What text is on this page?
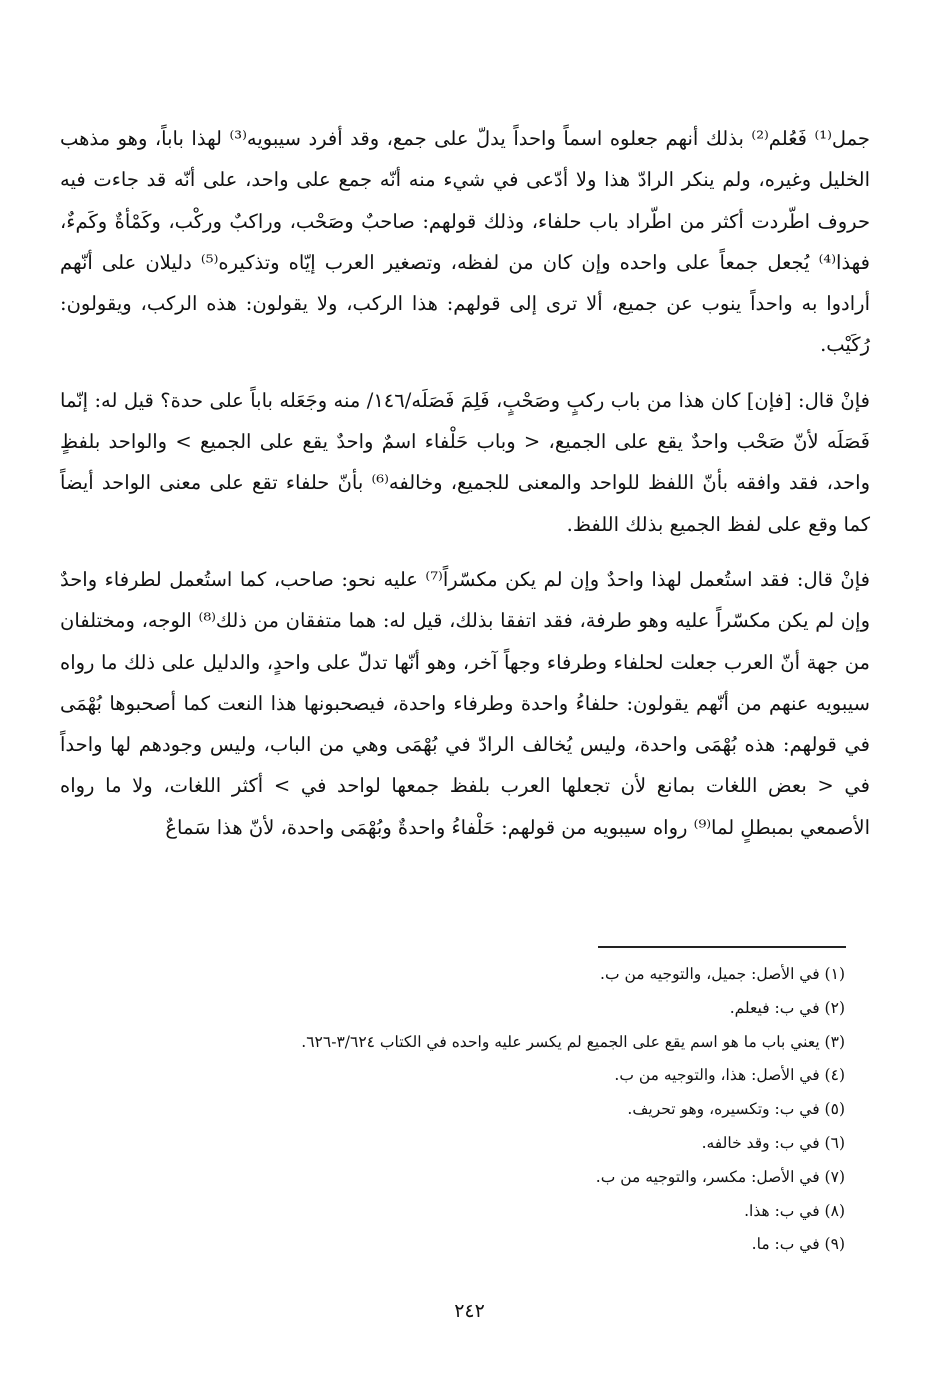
جمل⁽¹⁾ فَعُلم⁽²⁾ بذلك أنهم جعلوه اسماً واحداً يدلّ على جمع، وقد أفرد سيبويه⁽³⁾ لهذا باباً، وهو مذهب الخليل وغيره، ولم ينكر الرادّ هذا ولا أدّعى في شيء منه أنّه جمع على واحد، على أنّه قد جاءت فيه حروف اطّردت أكثر من اطّراد باب حلفاء، وذلك قولهم: صاحبٌ وصَحْب، وراكبٌ وركْب، وكَمْأةٌ وكَمءٌ، فهذا⁽⁴⁾ يُجعل جمعاً على واحده وإن كان من لفظه، وتصغير العرب إيّاه وتذكيره⁽⁵⁾ دليلان على أنّهم أرادوا به واحداً ينوب عن جميع، ألا ترى إلى قولهم: هذا الركب، ولا يقولون: هذه الركب، ويقولون: رُكَيْب.

فإنْ قال: [فإن] كان هذا من باب ركبٍ وصَحْبٍ، فَلِمَ فَصَلَه/١٤٦/ منه وجَعَله باباً على حدة؟ قيل له: إنّما فَصَلَه لأنّ صَحْب واحدٌ يقع على الجميع، < وباب حَلْفاء اسمٌ واحدٌ يقع على الجميع > والواحد بلفظٍ واحد، فقد وافقه بأنّ اللفظ للواحد والمعنى للجميع، وخالفه⁽⁶⁾ بأنّ حلفاء تقع على معنى الواحد أيضاً كما وقع على لفظ الجميع بذلك اللفظ.

فإنْ قال: فقد استُعمل لهذا واحدٌ وإن لم يكن مكسّراً⁽⁷⁾ عليه نحو: صاحب، كما استُعمل لطرفاء واحدٌ وإن لم يكن مكسّراً عليه وهو طرفة، فقد اتفقا بذلك، قيل له: هما متفقان من ذلك⁽⁸⁾ الوجه، ومختلفان من جهة أنّ العرب جعلت لحلفاء وطرفاء وجهاً آخر، وهو أنّها تدلّ على واحدٍ، والدليل على ذلك ما رواه سيبويه عنهم من أنّهم يقولون: حلفاءُ واحدة وطرفاء واحدة، فيصحبونها هذا النعت كما أصحبوها بُهْمَى في قولهم: هذه بُهْمَى واحدة، وليس يُخالف الرادّ في بُهْمَى وهي من الباب، وليس وجودهم لها واحداً في < بعض اللغات بمانع لأن تجعلها العرب بلفظ جمعها لواحد في > أكثر اللغات، ولا ما رواه الأصمعي بمبطلٍ لما⁽⁹⁾ رواه سيبويه من قولهم: حَلْفاءُ واحدةٌ وبُهْمَى واحدة، لأنّ هذا سَماعٌ

(١) في الأصل: جميل، والتوجيه من ب.
(٢) في ب: فيعلم.
(٣) يعني باب ما هو اسم يقع على الجميع لم يكسر عليه واحده في الكتاب ٣/٦٢٤-٦٢٦.
(٤) في الأصل: هذا، والتوجيه من ب.
(٥) في ب: وتكسيره، وهو تحريف.
(٦) في ب: وقد خالفه.
(٧) في الأصل: مكسر، والتوجيه من ب.
(٨) في ب: هذا.
(٩) في ب: ما.
٢٤٢
